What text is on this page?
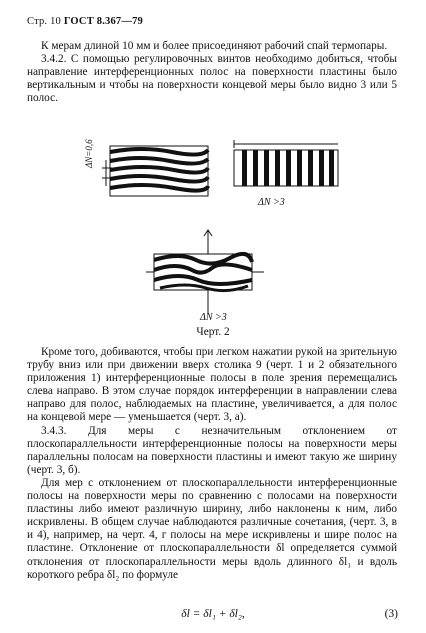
Стр. 10 ГОСТ 8.367—79

К мерам длиной 10 мм и более присоединяют рабочий спай термопары.

3.4.2. С помощью регулировочных винтов необходимо добиться, чтобы направление интерференционных полос на поверхности пластины было вертикальным и чтобы на поверхности концевой меры было видно 3 или 5 полос.

ΔN=0,6
ΔN >3
ΔN >3
Черт. 2

Кроме того, добиваются, чтобы при легком нажатии рукой на зрительную трубу вниз или при движении вверх столика 9 (черт. 1 и 2 обязательного приложения 1) интерференционные полосы в поле зрения перемещались слева направо. В этом случае порядок интерференции в направлении слева направо для полос, наблюдаемых на пластине, увеличивается, а для полос на концевой мере — уменьшается (черт. 3, а).

3.4.3. Для меры с незначительным отклонением от плоскопараллельности интерференционные полосы на поверхности меры параллельны полосам на поверхности пластины и имеют такую же ширину (черт. 3, б).

Для мер с отклонением от плоскопараллельности интерференционные полосы на поверхности меры по сравнению с полосами на поверхности пластины либо имеют различную ширину, либо наклонены к ним, либо искривлены. В общем случае наблюдаются различные сочетания, (черт. 3, в и 4), например, на черт. 4, г полосы на мере искривлены и шире полос на пластине. Отклонение от плоскопараллельности δl определяется суммой отклонения от плоскопараллельности меры вдоль длинного δl₁ и вдоль короткого ребра δl₂ по формуле

δl = δl₁ + δl₂,	(3)
